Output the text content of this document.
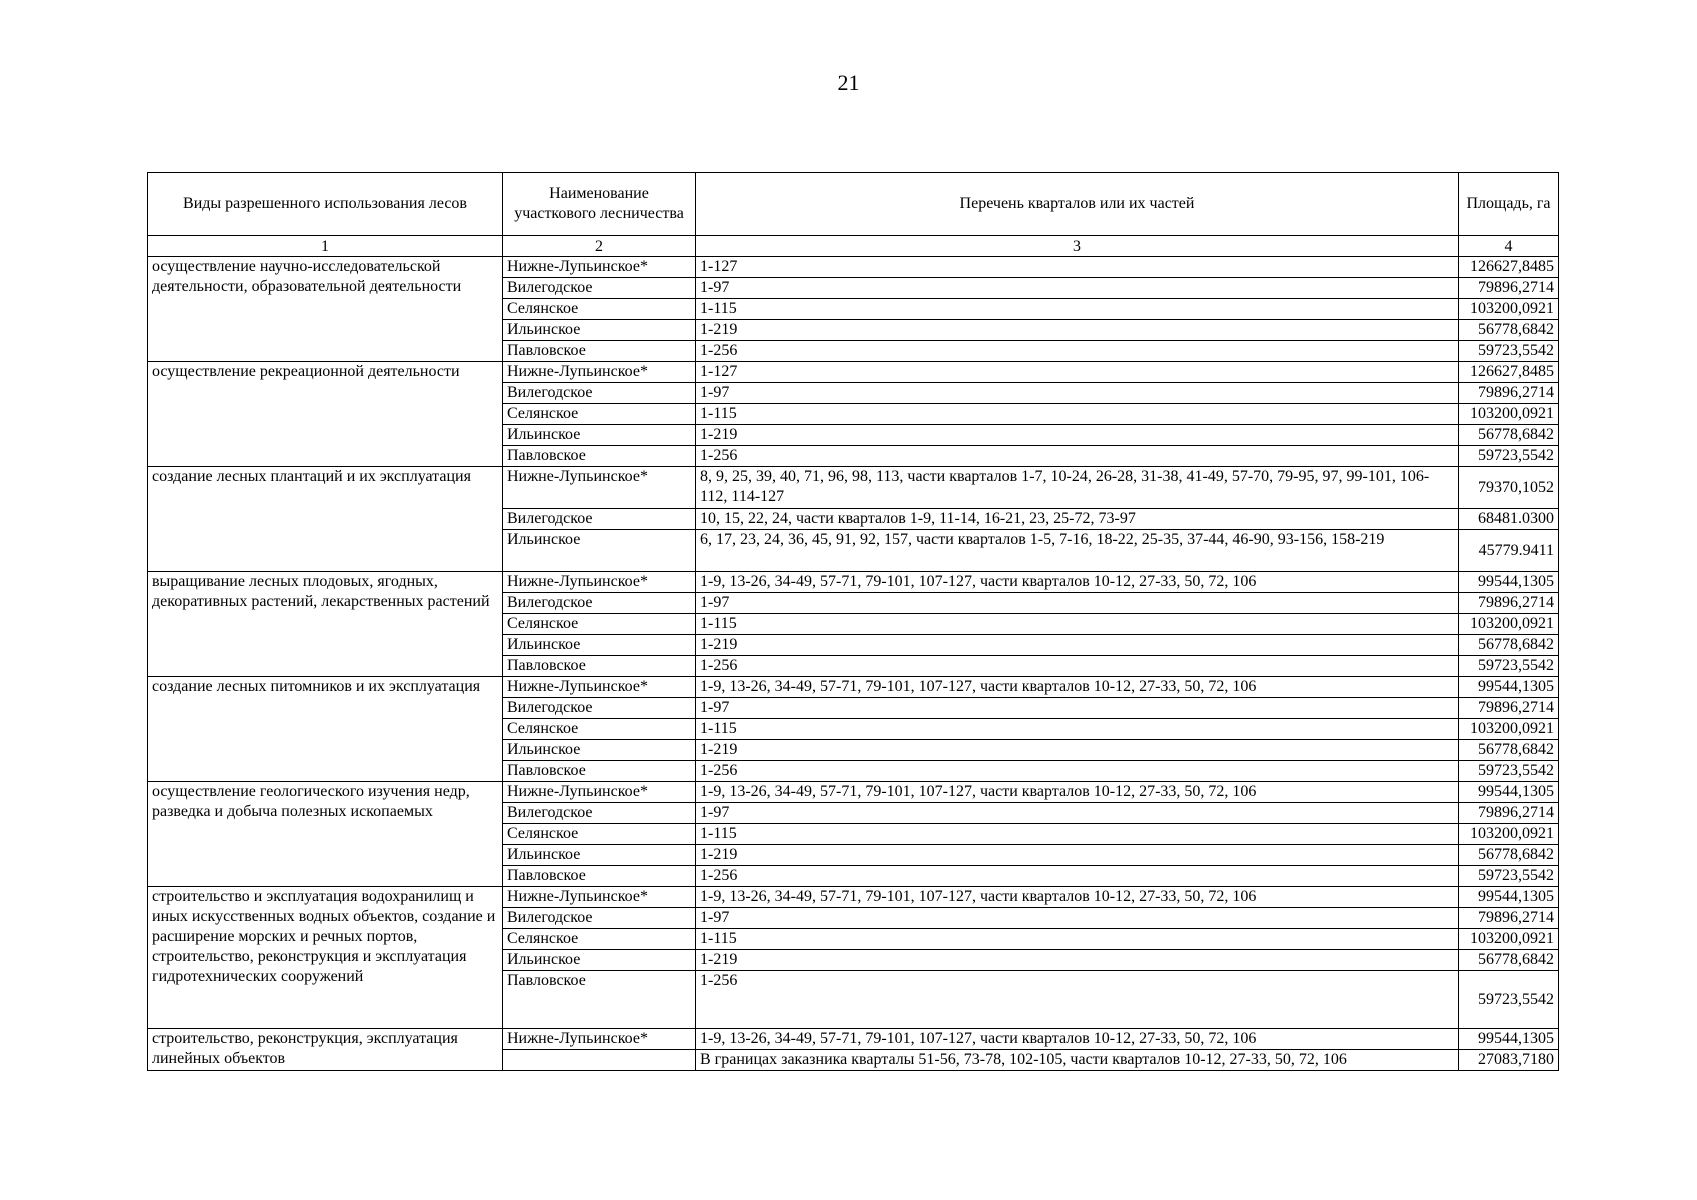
21
Виды разрешенного использования лесов	Наименование участкового лесничества	Перечень кварталов или их частей	Площадь, га
1	2	3	4
осуществление научно-исследовательской деятельности, образовательной деятельности	Нижне-Лупьинское*	1-127	126627,8485
	Вилегодское	1-97	79896,2714
	Селянское	1-115	103200,0921
	Ильинское	1-219	56778,6842
	Павловское	1-256	59723,5542
осуществление рекреационной деятельности	Нижне-Лупьинское*	1-127	126627,8485
	Вилегодское	1-97	79896,2714
	Селянское	1-115	103200,0921
	Ильинское	1-219	56778,6842
	Павловское	1-256	59723,5542
создание лесных плантаций и их эксплуатация	Нижне-Лупьинское*	8, 9, 25, 39, 40, 71, 96, 98, 113, части кварталов 1-7, 10-24, 26-28, 31-38, 41-49, 57-70, 79-95, 97, 99-101, 106-112, 114-127	79370,1052
	Вилегодское	10, 15, 22, 24, части кварталов 1-9, 11-14, 16-21, 23, 25-72, 73-97	68481.0300
	Ильинское	6, 17, 23, 24, 36, 45, 91, 92, 157, части кварталов 1-5, 7-16, 18-22, 25-35, 37-44, 46-90, 93-156, 158-219	45779.9411
выращивание лесных плодовых, ягодных, декоративных растений, лекарственных растений	Нижне-Лупьинское*	1-9, 13-26, 34-49, 57-71, 79-101, 107-127, части кварталов 10-12, 27-33, 50, 72, 106	99544,1305
	Вилегодское	1-97	79896,2714
	Селянское	1-115	103200,0921
	Ильинское	1-219	56778,6842
	Павловское	1-256	59723,5542
создание лесных питомников и их эксплуатация	Нижне-Лупьинское*	1-9, 13-26, 34-49, 57-71, 79-101, 107-127, части кварталов 10-12, 27-33, 50, 72, 106	99544,1305
	Вилегодское	1-97	79896,2714
	Селянское	1-115	103200,0921
	Ильинское	1-219	56778,6842
	Павловское	1-256	59723,5542
осуществление геологического изучения недр, разведка и добыча полезных ископаемых	Нижне-Лупьинское*	1-9, 13-26, 34-49, 57-71, 79-101, 107-127, части кварталов 10-12, 27-33, 50, 72, 106	99544,1305
	Вилегодское	1-97	79896,2714
	Селянское	1-115	103200,0921
	Ильинское	1-219	56778,6842
	Павловское	1-256	59723,5542
строительство и эксплуатация водохранилищ и иных искусственных водных объектов, создание и расширение морских и речных портов, строительство, реконструкция и эксплуатация гидротехнических сооружений	Нижне-Лупьинское*	1-9, 13-26, 34-49, 57-71, 79-101, 107-127, части кварталов 10-12, 27-33, 50, 72, 106	99544,1305
	Вилегодское	1-97	79896,2714
	Селянское	1-115	103200,0921
	Ильинское	1-219	56778,6842
	Павловское	1-256	59723,5542
строительство, реконструкция, эксплуатация линейных объектов	Нижне-Лупьинское*	1-9, 13-26, 34-49, 57-71, 79-101, 107-127, части кварталов 10-12, 27-33, 50, 72, 106	99544,1305
		В границах заказника кварталы 51-56, 73-78, 102-105, части кварталов 10-12, 27-33, 50, 72, 106	27083,7180
